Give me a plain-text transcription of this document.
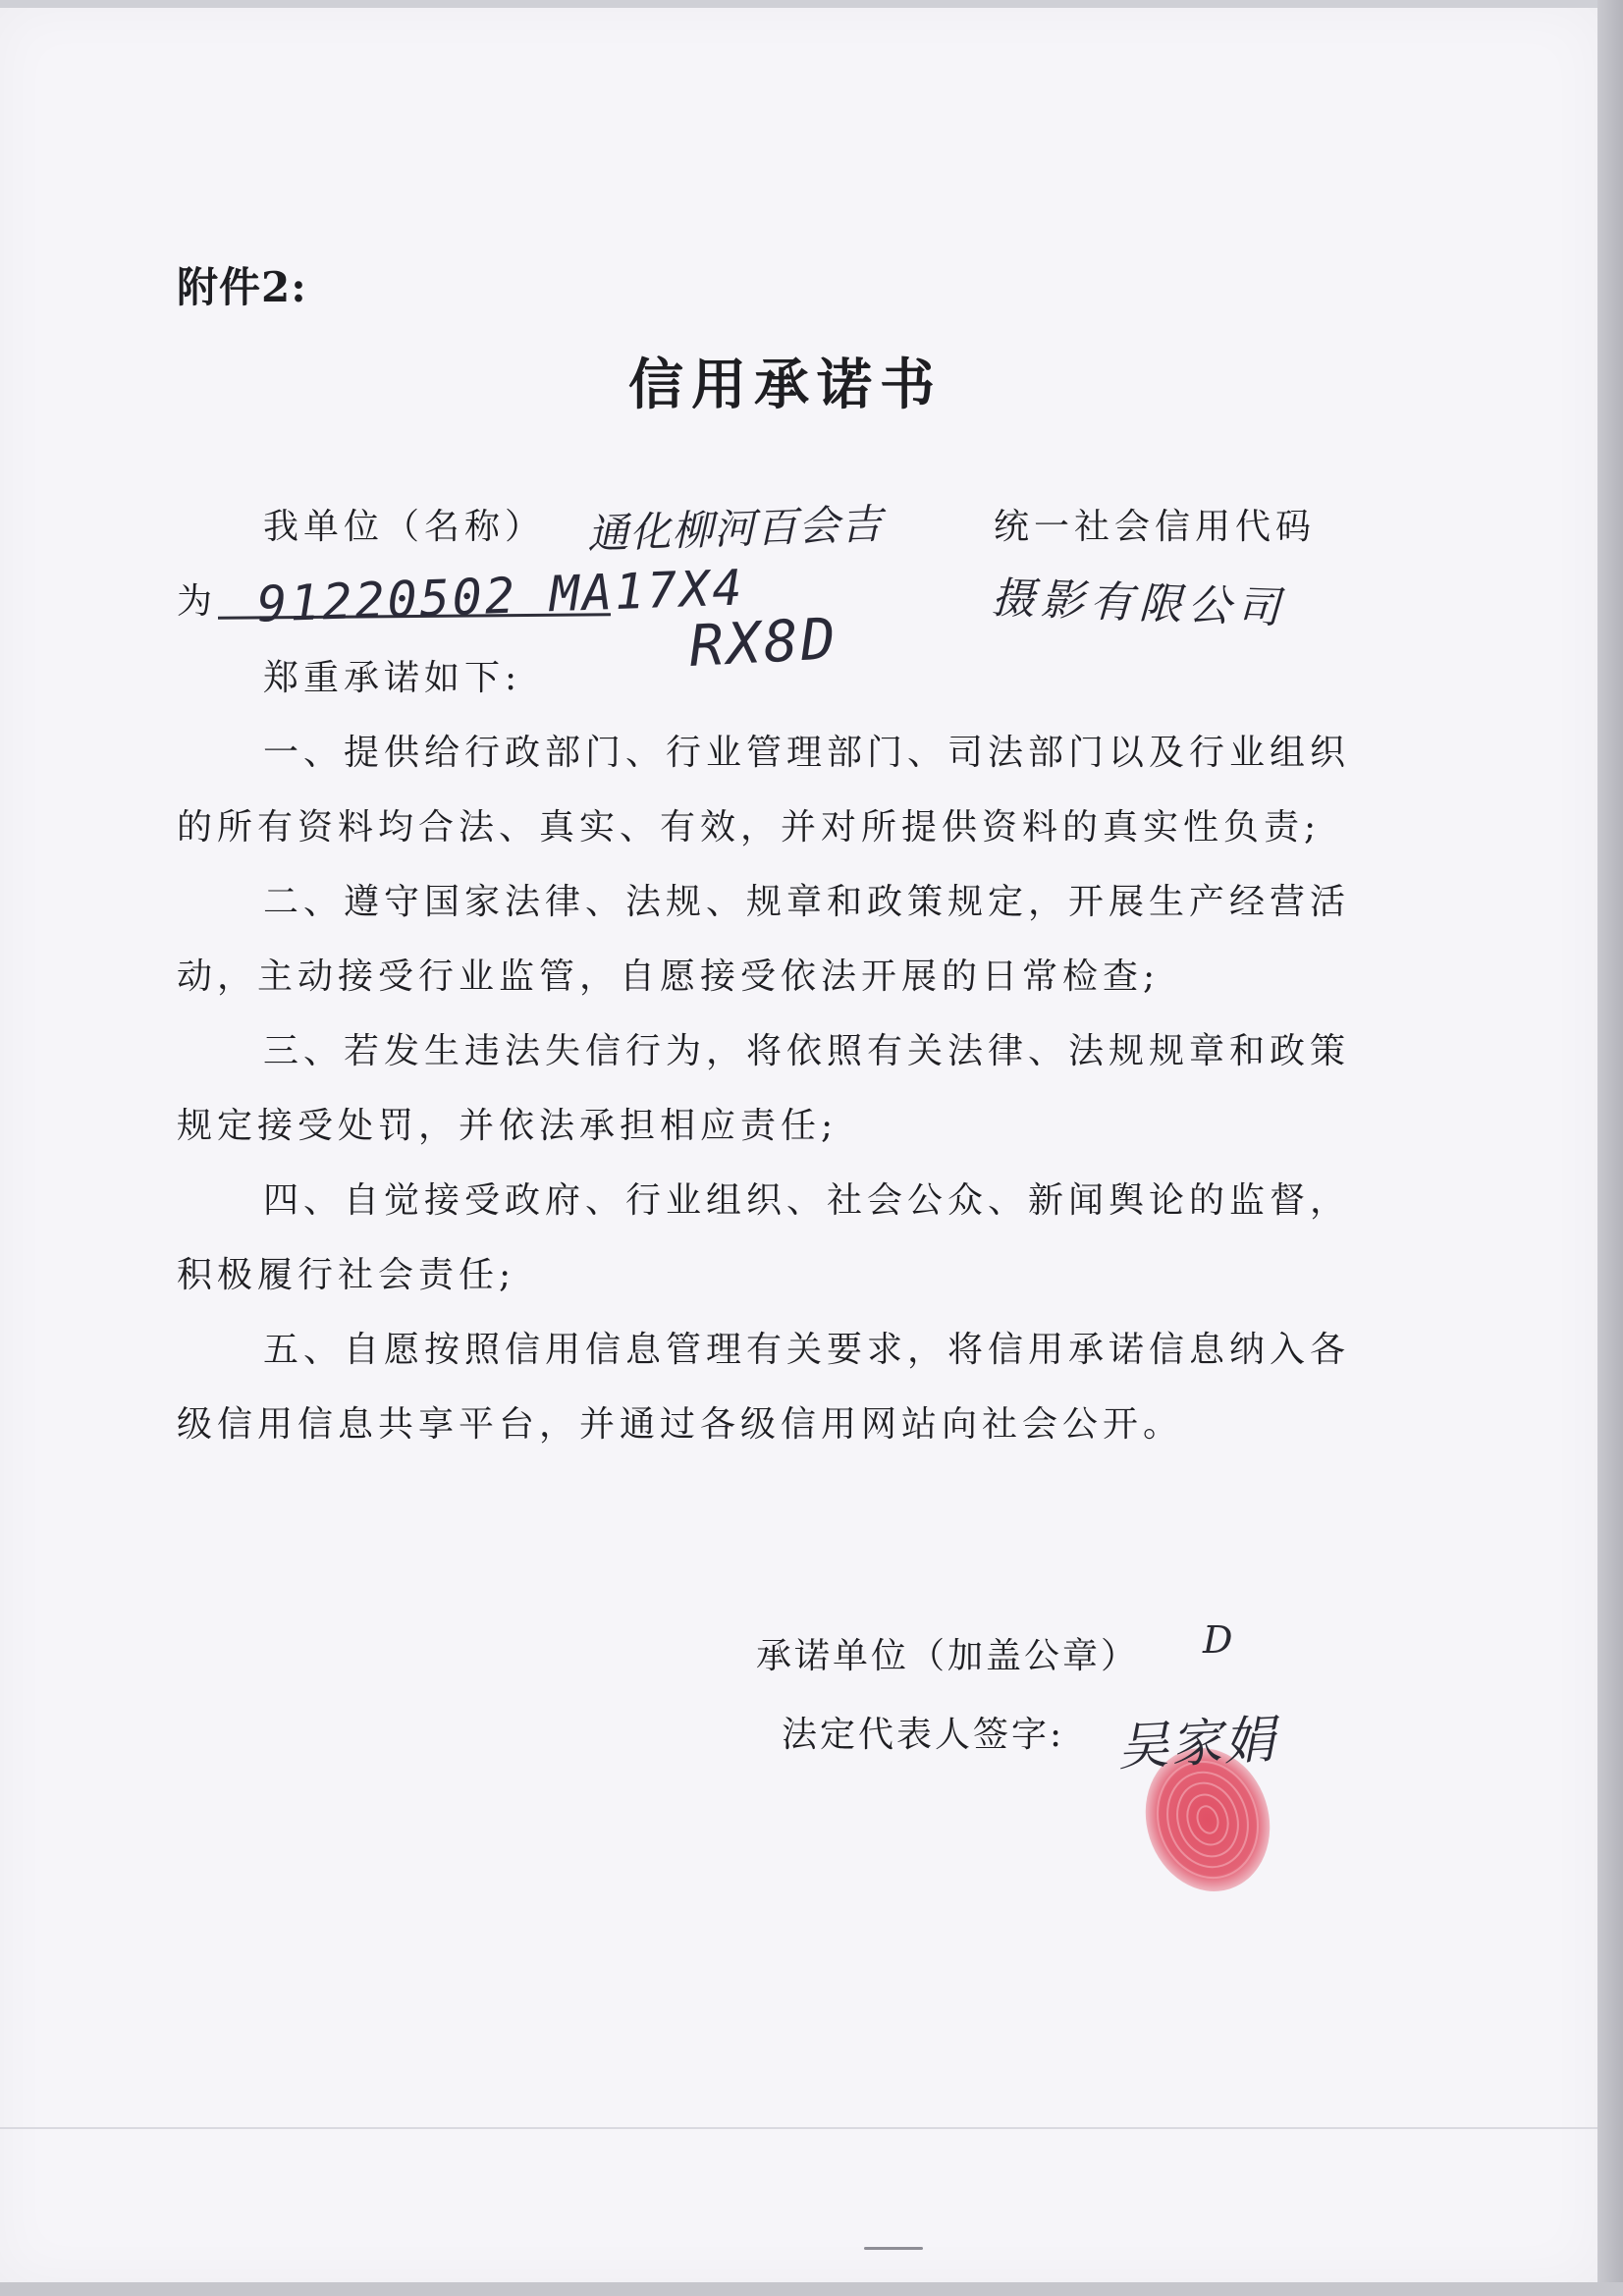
附件2:

信用承诺书

我单位（名称） 通化柳河百会吉	统一社会信用代码

为 91220502 MA17X4
RX8D
摄影有限公司

郑重承诺如下:

一、提供给行政部门、行业管理部门、司法部门以及行业组织

的所有资料均合法、真实、有效，并对所提供资料的真实性负责;

二、遵守国家法律、法规、规章和政策规定，开展生产经营活

动，主动接受行业监管，自愿接受依法开展的日常检查;

三、若发生违法失信行为，将依照有关法律、法规规章和政策

规定接受处罚，并依法承担相应责任;

四、自觉接受政府、行业组织、社会公众、新闻舆论的监督，

积极履行社会责任;

五、自愿按照信用信息管理有关要求，将信用承诺信息纳入各

级信用信息共享平台，并通过各级信用网站向社会公开。

承诺单位（加盖公章） D

法定代表人签字: 吴家娟
